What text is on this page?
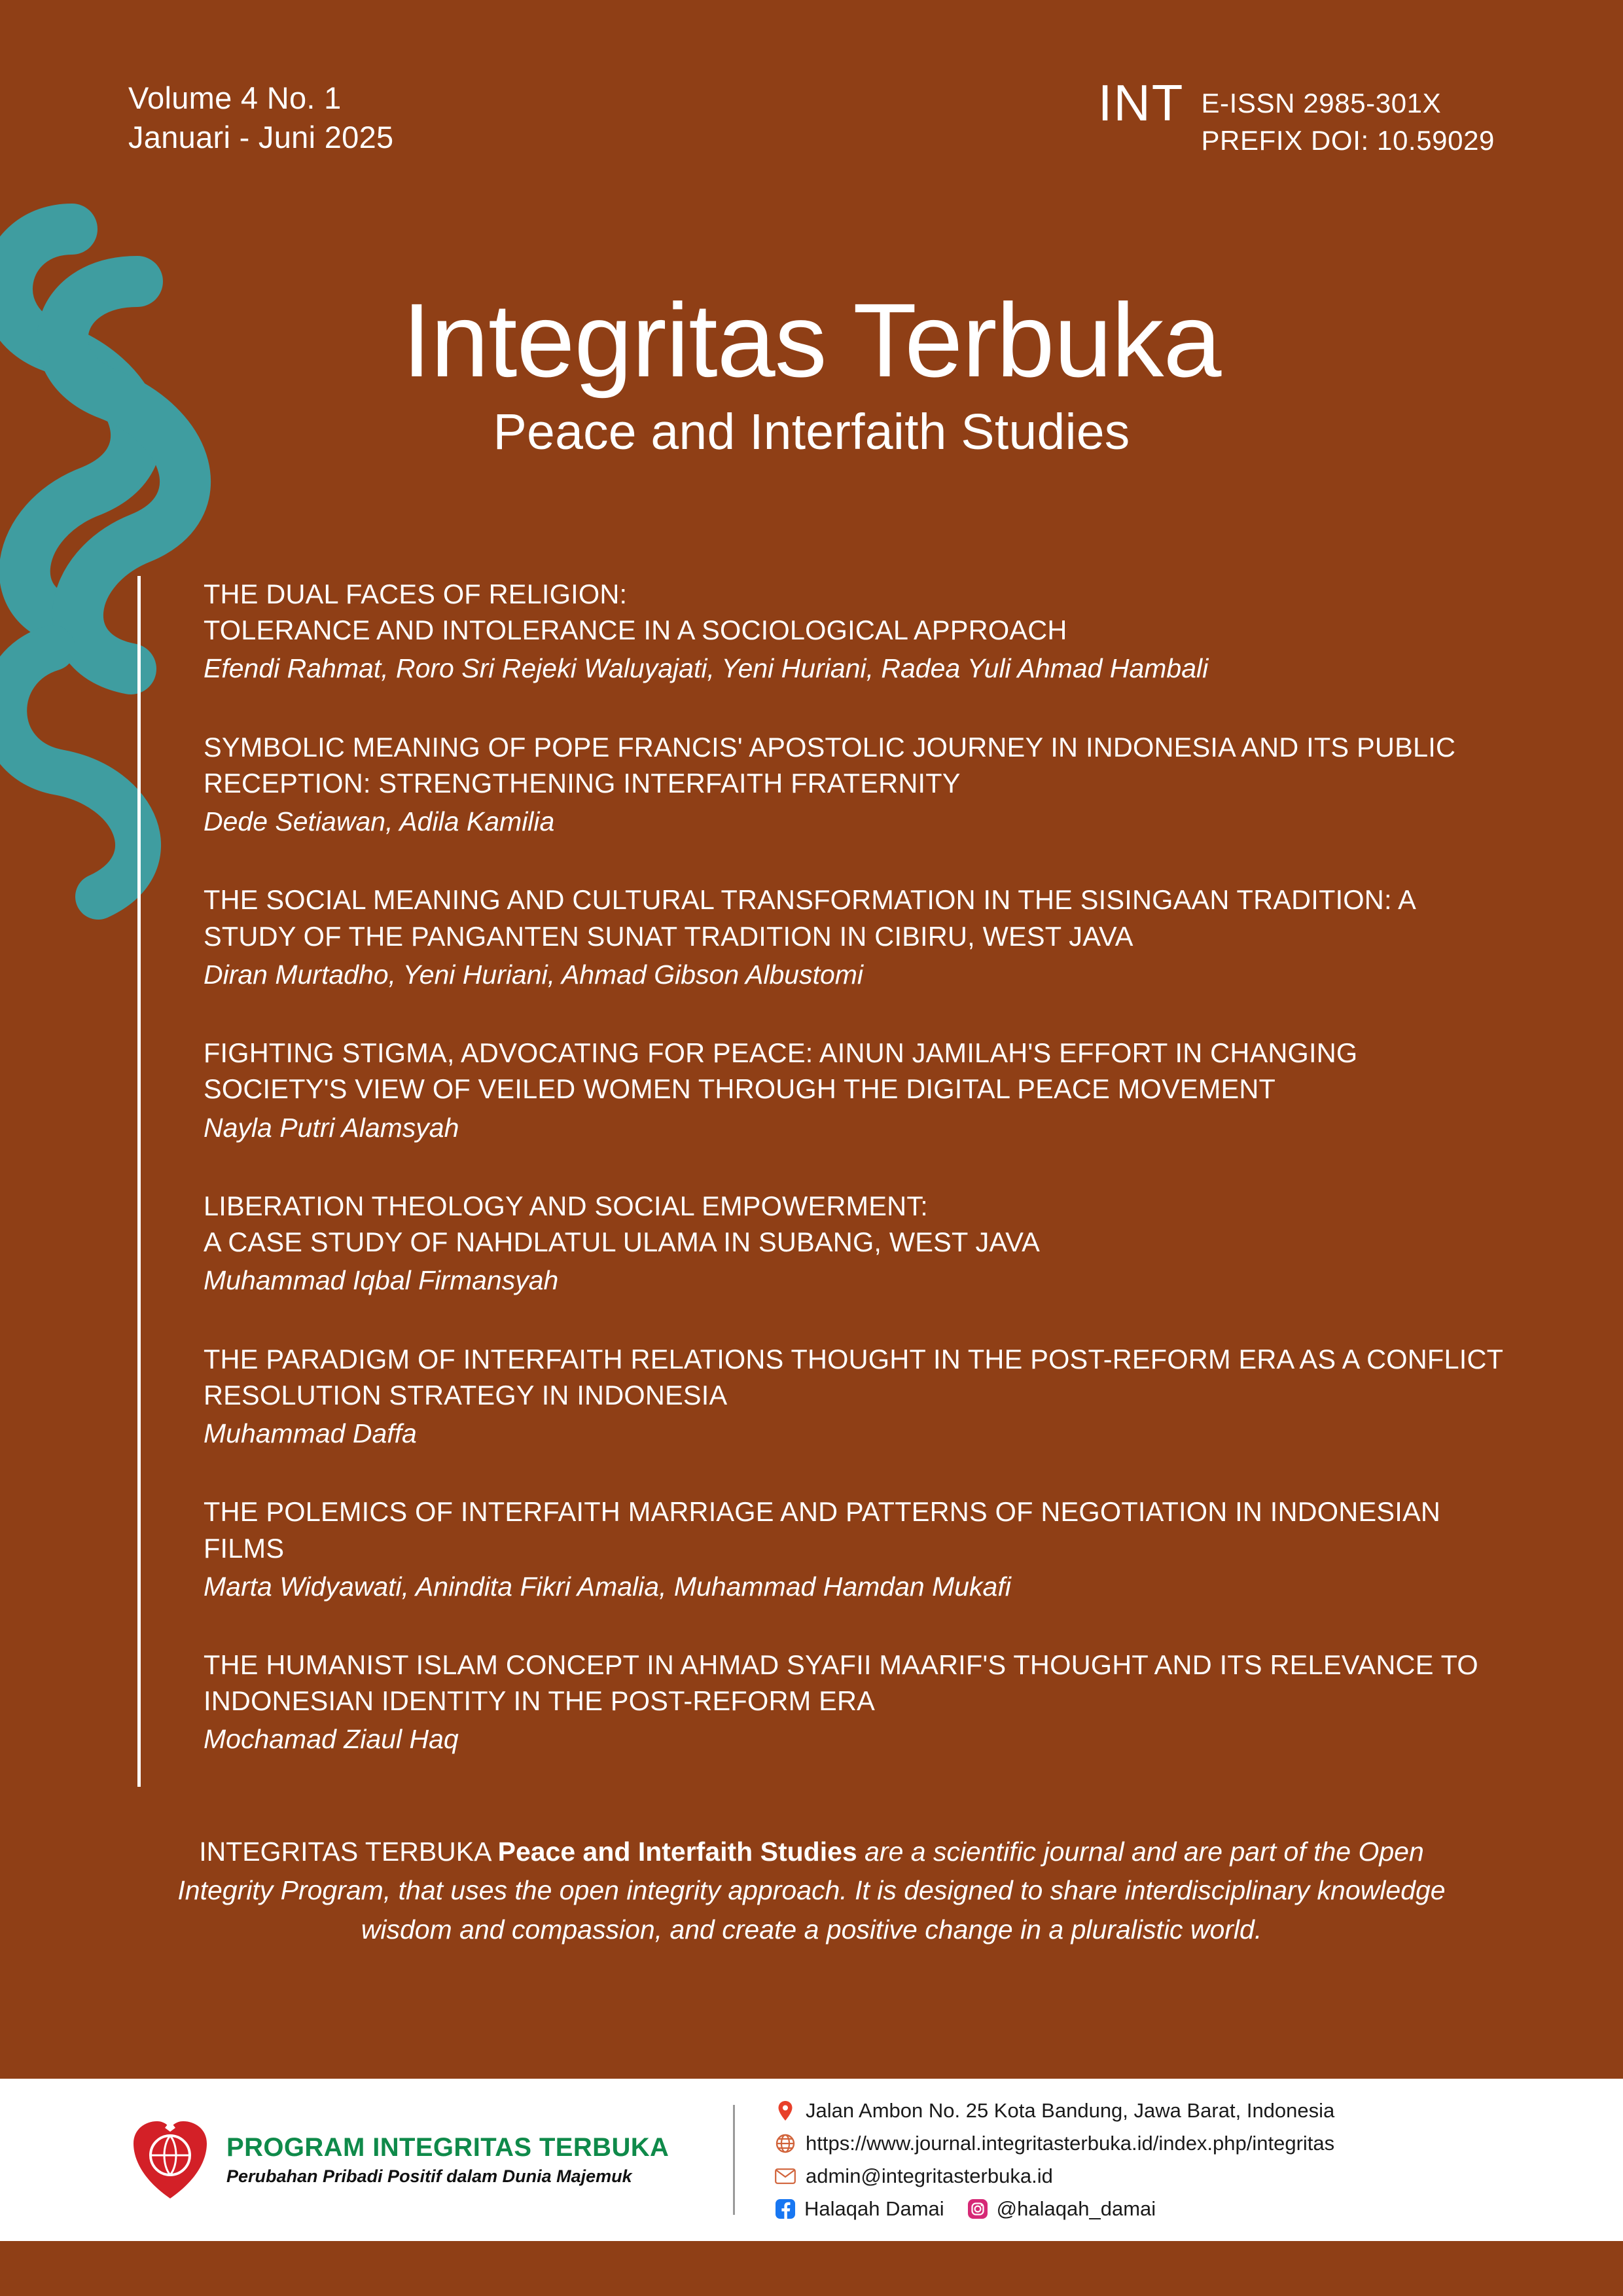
Volume 4 No. 1
Januari - Juni 2025
INT E-ISSN 2985-301X
PREFIX DOI: 10.59029
Integritas Terbuka

Peace and Interfaith Studies

THE DUAL FACES OF RELIGION:
TOLERANCE AND INTOLERANCE IN A SOCIOLOGICAL APPROACH
Efendi Rahmat, Roro Sri Rejeki Waluyajati, Yeni Huriani, Radea Yuli Ahmad Hambali
SYMBOLIC MEANING OF POPE FRANCIS' APOSTOLIC JOURNEY IN INDONESIA AND ITS PUBLIC RECEPTION: STRENGTHENING INTERFAITH FRATERNITY
Dede Setiawan, Adila Kamilia
THE SOCIAL MEANING AND CULTURAL TRANSFORMATION IN THE SISINGAAN TRADITION: A STUDY OF THE PANGANTEN SUNAT TRADITION IN CIBIRU, WEST JAVA
Diran Murtadho, Yeni Huriani, Ahmad Gibson Albustomi
FIGHTING STIGMA, ADVOCATING FOR PEACE: AINUN JAMILAH'S EFFORT IN CHANGING SOCIETY'S VIEW OF VEILED WOMEN THROUGH THE DIGITAL PEACE MOVEMENT
Nayla Putri Alamsyah
LIBERATION THEOLOGY AND SOCIAL EMPOWERMENT:
A CASE STUDY OF NAHDLATUL ULAMA IN SUBANG, WEST JAVA
Muhammad Iqbal Firmansyah
THE PARADIGM OF INTERFAITH RELATIONS THOUGHT IN THE POST-REFORM ERA AS A CONFLICT RESOLUTION STRATEGY IN INDONESIA
Muhammad Daffa
THE POLEMICS OF INTERFAITH MARRIAGE AND PATTERNS OF NEGOTIATION IN INDONESIAN FILMS
Marta Widyawati, Anindita Fikri Amalia, Muhammad Hamdan Mukafi
THE HUMANIST ISLAM CONCEPT IN AHMAD SYAFII MAARIF'S THOUGHT AND ITS RELEVANCE TO INDONESIAN IDENTITY IN THE POST-REFORM ERA
Mochamad Ziaul Haq
INTEGRITAS TERBUKA Peace and Interfaith Studies are a scientific journal and are part of the Open Integrity Program, that uses the open integrity approach. It is designed to share interdisciplinary knowledge wisdom and compassion, and create a positive change in a pluralistic world.
PROGRAM INTEGRITAS TERBUKA
Perubahan Pribadi Positif dalam Dunia Majemuk
Jalan Ambon No. 25 Kota Bandung, Jawa Barat, Indonesia
https://www.journal.integritasterbuka.id/index.php/integritas
admin@integritasterbuka.id
Halaqah Damai	@halaqah_damai
